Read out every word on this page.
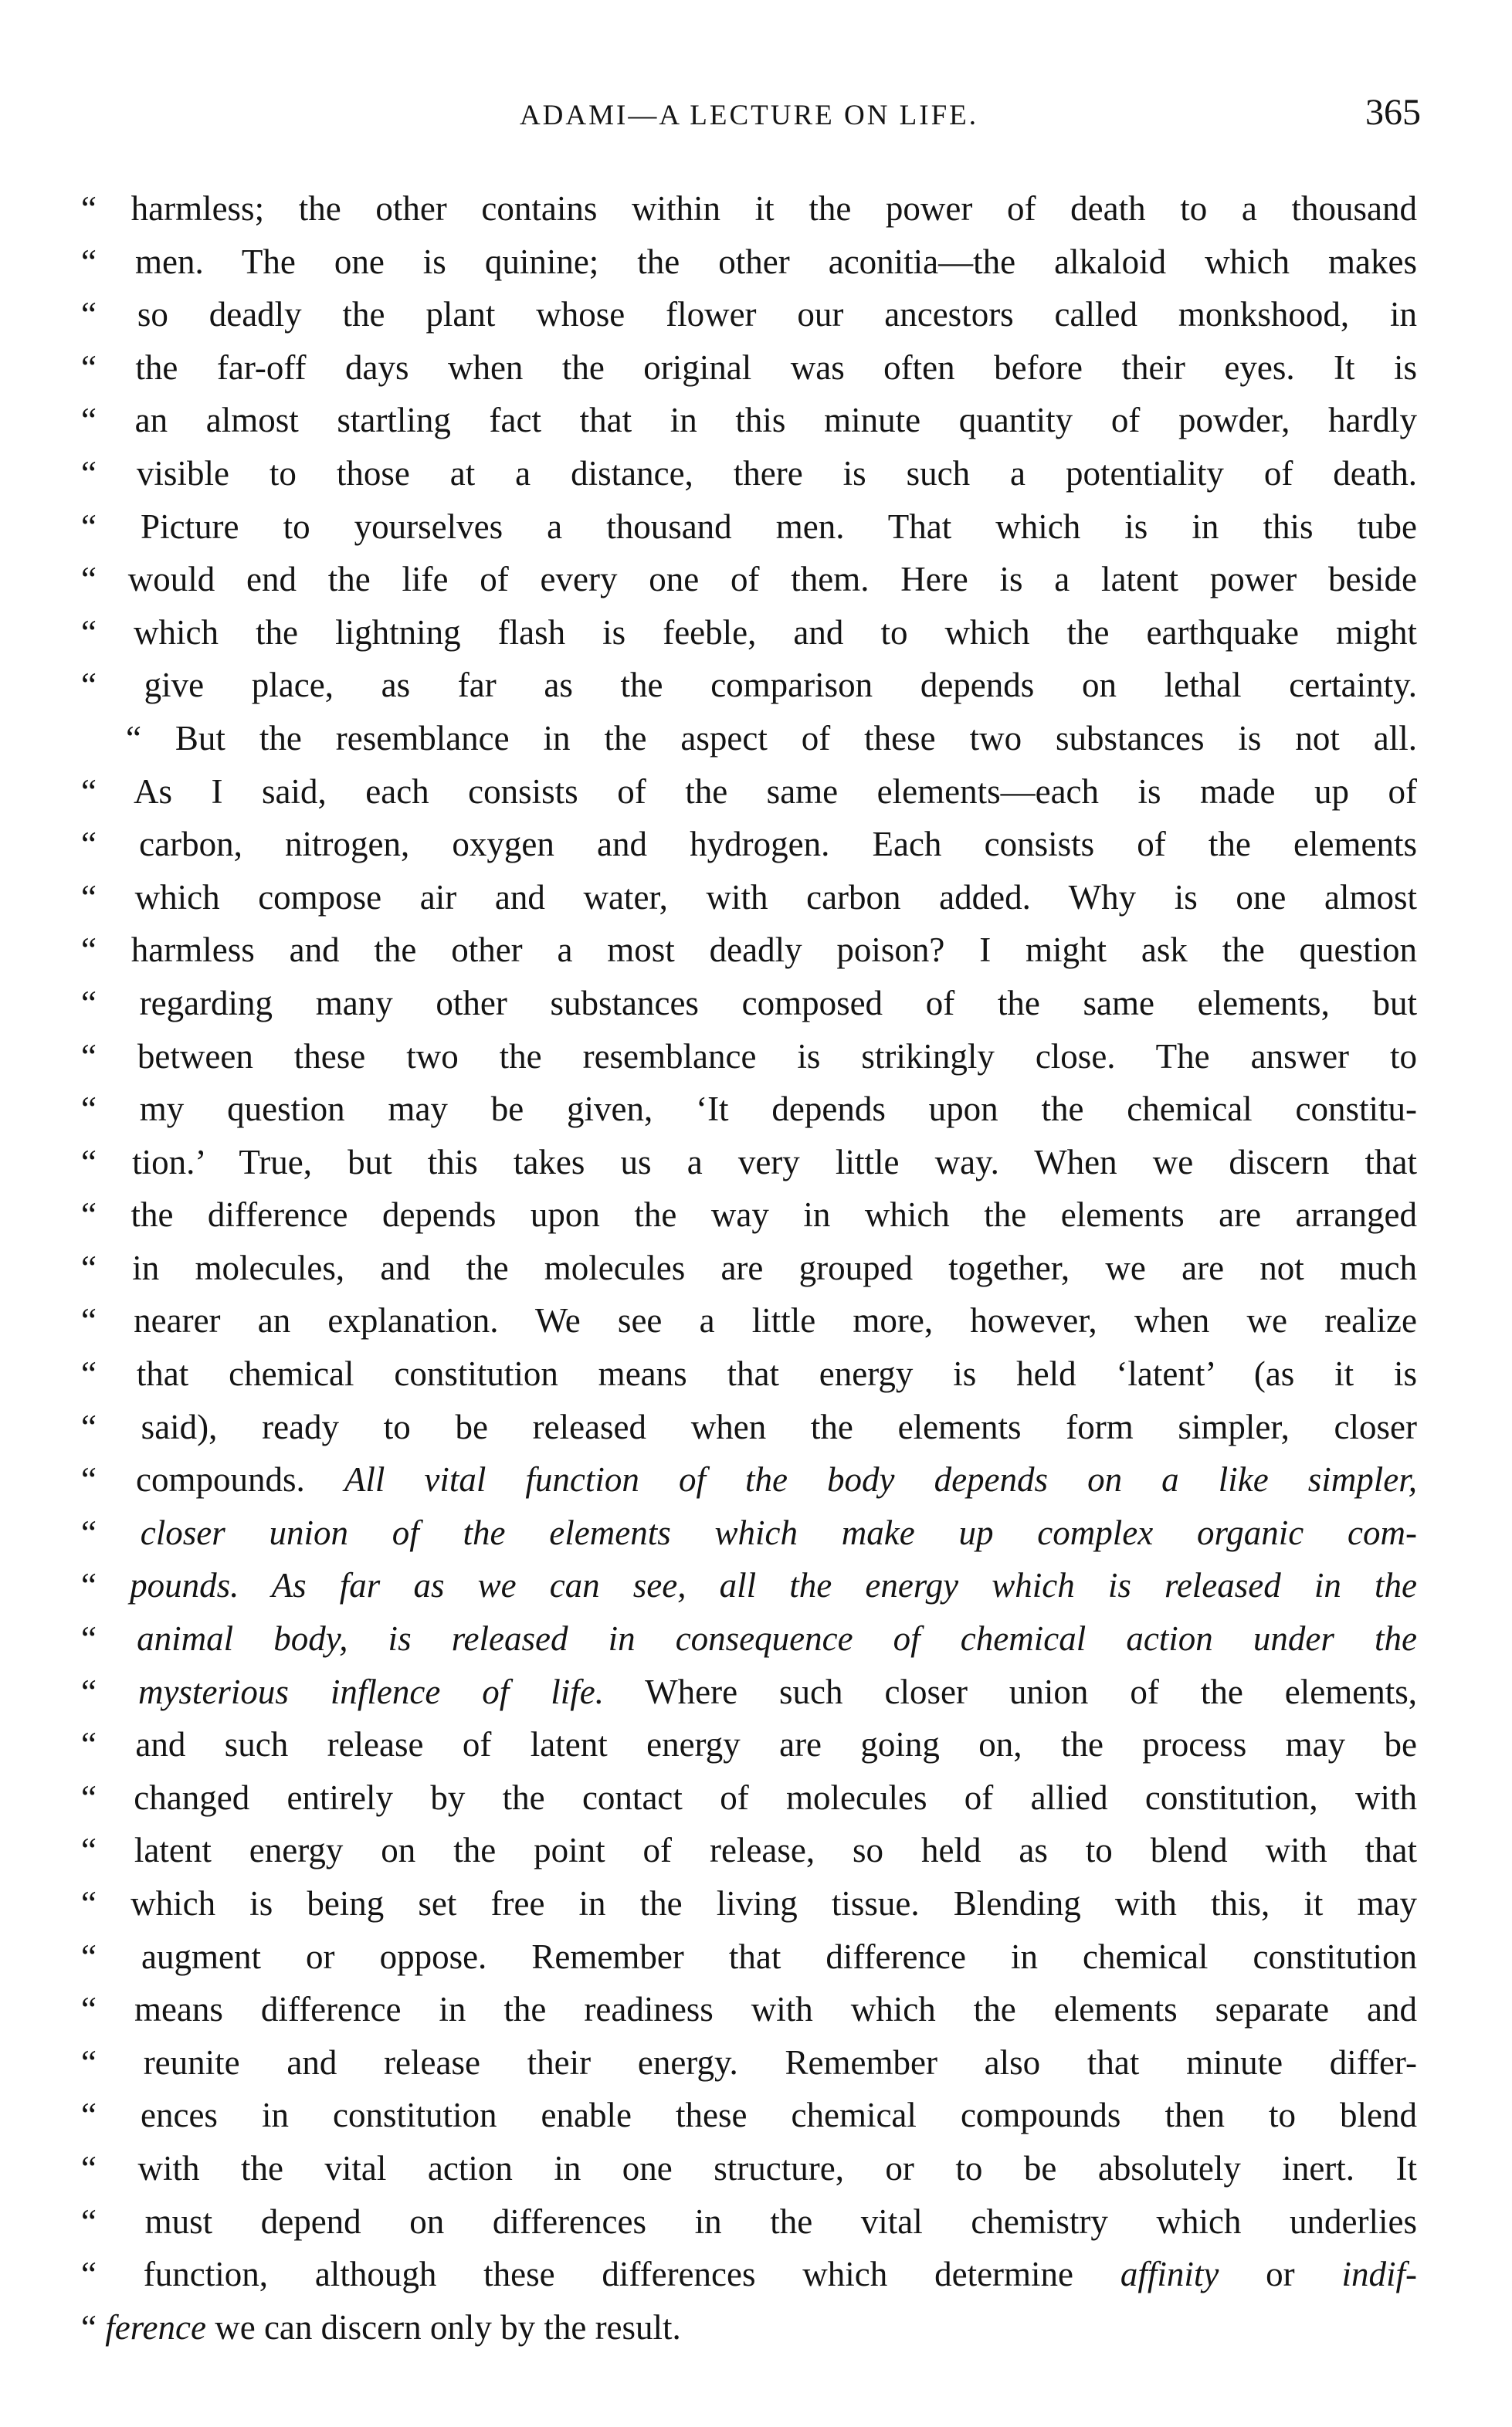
ADAMI—A LECTURE ON LIFE.	365
“ harmless; the other contains within it the power of death to a thousand
“ men. The one is quinine; the other aconitia—the alkaloid which makes
“ so deadly the plant whose flower our ancestors called monkshood, in
“ the far-off days when the original was often before their eyes. It is
“ an almost startling fact that in this minute quantity of powder, hardly
“ visible to those at a distance, there is such a potentiality of death.
“ Picture to yourselves a thousand men. That which is in this tube
“ would end the life of every one of them. Here is a latent power beside
“ which the lightning flash is feeble, and to which the earthquake might
“ give place, as far as the comparison depends on lethal certainty.
“ But the resemblance in the aspect of these two substances is not all.
“ As I said, each consists of the same elements—each is made up of
“ carbon, nitrogen, oxygen and hydrogen. Each consists of the elements
“ which compose air and water, with carbon added. Why is one almost
“ harmless and the other a most deadly poison? I might ask the question
“ regarding many other substances composed of the same elements, but
“ between these two the resemblance is strikingly close. The answer to
“ my question may be given, ‘It depends upon the chemical constitu-
“ tion.’ True, but this takes us a very little way. When we discern that
“ the difference depends upon the way in which the elements are arranged
“ in molecules, and the molecules are grouped together, we are not much
“ nearer an explanation. We see a little more, however, when we realize
“ that chemical constitution means that energy is held ‘latent’ (as it is
“ said), ready to be released when the elements form simpler, closer
“ compounds. All vital function of the body depends on a like simpler,
“ closer union of the elements which make up complex organic com-
“ pounds. As far as we can see, all the energy which is released in the
“ animal body, is released in consequence of chemical action under the
“ mysterious inflence of life. Where such closer union of the elements,
“ and such release of latent energy are going on, the process may be
“ changed entirely by the contact of molecules of allied constitution, with
“ latent energy on the point of release, so held as to blend with that
“ which is being set free in the living tissue. Blending with this, it may
“ augment or oppose. Remember that difference in chemical constitution
“ means difference in the readiness with which the elements separate and
“ reunite and release their energy. Remember also that minute differ-
“ ences in constitution enable these chemical compounds then to blend
“ with the vital action in one structure, or to be absolutely inert. It
“ must depend on differences in the vital chemistry which underlies
“ function, although these differences which determine affinity or indif-
“ ference we can discern only by the result.
